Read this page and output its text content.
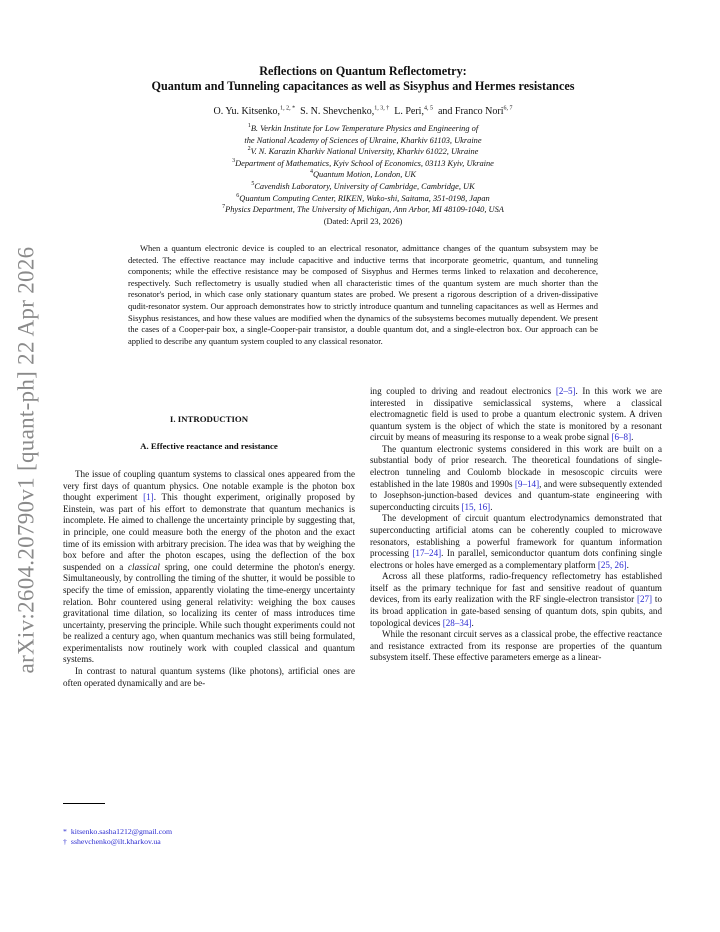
arXiv:2604.20790v1 [quant-ph] 22 Apr 2026
Reflections on Quantum Reflectometry:
Quantum and Tunneling capacitances as well as Sisyphus and Hermes resistances
O. Yu. Kitsenko,$^{1, 2, *}$ S. N. Shevchenko,$^{1, 3, \dagger}$ L. Peri,$^{4, 5}$ and Franco Nori$^{6, 7}$
$^1$B. Verkin Institute for Low Temperature Physics and Engineering of
the National Academy of Sciences of Ukraine, Kharkiv 61103, Ukraine
$^2$V. N. Karazin Kharkiv National University, Kharkiv 61022, Ukraine
$^3$Department of Mathematics, Kyiv School of Economics, 03113 Kyiv, Ukraine
$^4$Quantum Motion, London, UK
$^5$Cavendish Laboratory, University of Cambridge, Cambridge, UK
$^6$Quantum Computing Center, RIKEN, Wako-shi, Saitama, 351-0198, Japan
$^7$Physics Department, The University of Michigan, Ann Arbor, MI 48109-1040, USA
(Dated: April 23, 2026)

When a quantum electronic device is coupled to an electrical resonator, admittance changes of the quantum subsystem may be detected. The effective reactance may include capacitive and inductive terms that incorporate geometric, quantum, and tunneling components; while the effective resistance may be composed of Sisyphus and Hermes terms linked to relaxation and decoherence, respectively. Such reflectometry is usually studied when all characteristic times of the quantum system are much shorter than the resonator's period, in which case only stationary quantum states are probed. We present a rigorous description of a driven-dissipative qudit-resonator system. Our approach demonstrates how to strictly introduce quantum and tunneling capacitances as well as Hermes and Sisyphus resistances, and how these values are modified when the dynamics of the subsystems becomes mutually dependent. We present the cases of a Cooper-pair box, a single-Cooper-pair transistor, a double quantum dot, and a single-electron box. Our approach can be applied to describe any quantum system coupled to any classical resonator.

I. INTRODUCTION
A. Effective reactance and resistance

The issue of coupling quantum systems to classical ones appeared from the very first days of quantum physics. One notable example is the photon box thought experiment [1]. This thought experiment, originally proposed by Einstein, was part of his effort to demonstrate that quantum mechanics is incomplete. He aimed to challenge the uncertainty principle by suggesting that, in principle, one could measure both the energy of the photon and the exact time of its emission with arbitrary precision. The idea was that by weighing the box before and after the photon escapes, using the deflection of the box suspended on a classical spring, one could determine the photon's energy. Simultaneously, by controlling the timing of the shutter, it would be possible to specify the time of emission, apparently violating the time-energy uncertainty relation. Bohr countered using general relativity: weighing the box causes gravitational time dilation, so localizing its center of mass introduces time uncertainty, preserving the principle. While such thought experiments could not be realized a century ago, when quantum mechanics was still being formulated, experimentalists now routinely work with coupled classical and quantum systems.

In contrast to natural quantum systems (like photons), artificial ones are often operated dynamically and are be-

ing coupled to driving and readout electronics [2–5]. In this work we are interested in dissipative semiclassical systems, where a classical electromagnetic field is used to probe a quantum electronic system. A driven quantum system is the object of which the state is monitored by a resonant circuit by means of measuring its response to a weak probe signal [6–8].

The quantum electronic systems considered in this work are built on a substantial body of prior research. The theoretical foundations of single-electron tunneling and Coulomb blockade in mesoscopic circuits were established in the late 1980s and 1990s [9–14], and were subsequently extended to Josephson-junction-based devices and quantum-state engineering with superconducting circuits [15, 16].

The development of circuit quantum electrodynamics demonstrated that superconducting artificial atoms can be coherently coupled to microwave resonators, establishing a powerful framework for quantum information processing [17–24]. In parallel, semiconductor quantum dots confining single electrons or holes have emerged as a complementary platform [25, 26].

Across all these platforms, radio-frequency reflectometry has established itself as the primary technique for fast and sensitive readout of quantum devices, from its early realization with the RF single-electron transistor [27] to its broad application in gate-based sensing of quantum dots, spin qubits, and topological devices [28–34].

While the resonant circuit serves as a classical probe, the effective reactance and resistance extracted from its response are properties of the quantum subsystem itself. These effective parameters emerge as a linear-

* kitsenko.sasha1212@gmail.com
† sshevchenko@ilt.kharkov.ua
